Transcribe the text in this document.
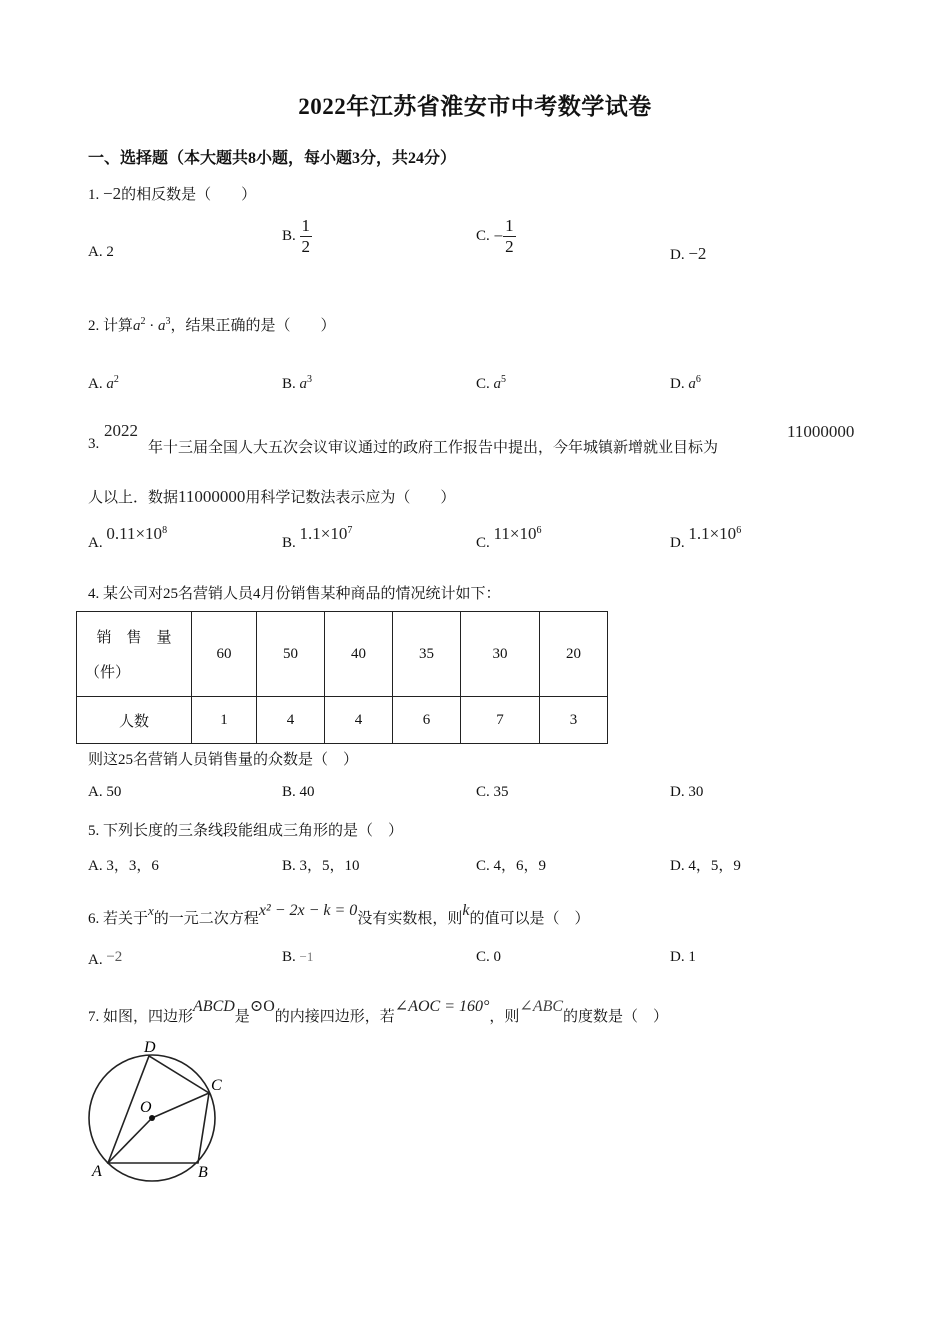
2022年江苏省淮安市中考数学试卷
一、选择题（本大题共8小题，每小题3分，共24分）
1. −2的相反数是（　　）
A. 2
B. $\frac{1}{2}$	C. − $\frac{1}{2}$	D. −2
2. 计算$a^2 \cdot a^3$，结果正确的是（　　）
A. $a^2$	B. $a^3$	C. $a^5$	D. $a^6$
3.
2022
年十三届全国人大五次会议审议通过的政府工作报告中提出，今年城镇新增就业目标为
11000000
人以上．数据11000000用科学记数法表示应为（　　）
A. $0.11\times 10^8$
B. $1.1\times 10^7$
C. $11\times 10^6$
D. $1.1\times 10^6$
4. 某公司对25名营销人员4月份销售某种商品的情况统计如下：
销　售　量
（件）	60	50	40	35	30	20
人数	1	4	4	6	7	3
则这25名营销人员销售量的众数是（　）
A. 50	B. 40	C. 35	D. 30
5. 下列长度的三条线段能组成三角形的是（　）
A. 3，3，6	B. 3，5，10	C. 4，6，9	D. 4，5，9
6. 若关于x的一元二次方程x² − 2x − k = 0没有实数根，则k的值可以是（　）
A. −2	B. −1	C. 0	D. 1
7. 如图，四边形ABCD是⊙O的内接四边形，若∠AOC = 160°，则∠ABC的度数是（　）
D
C
O
A	B
